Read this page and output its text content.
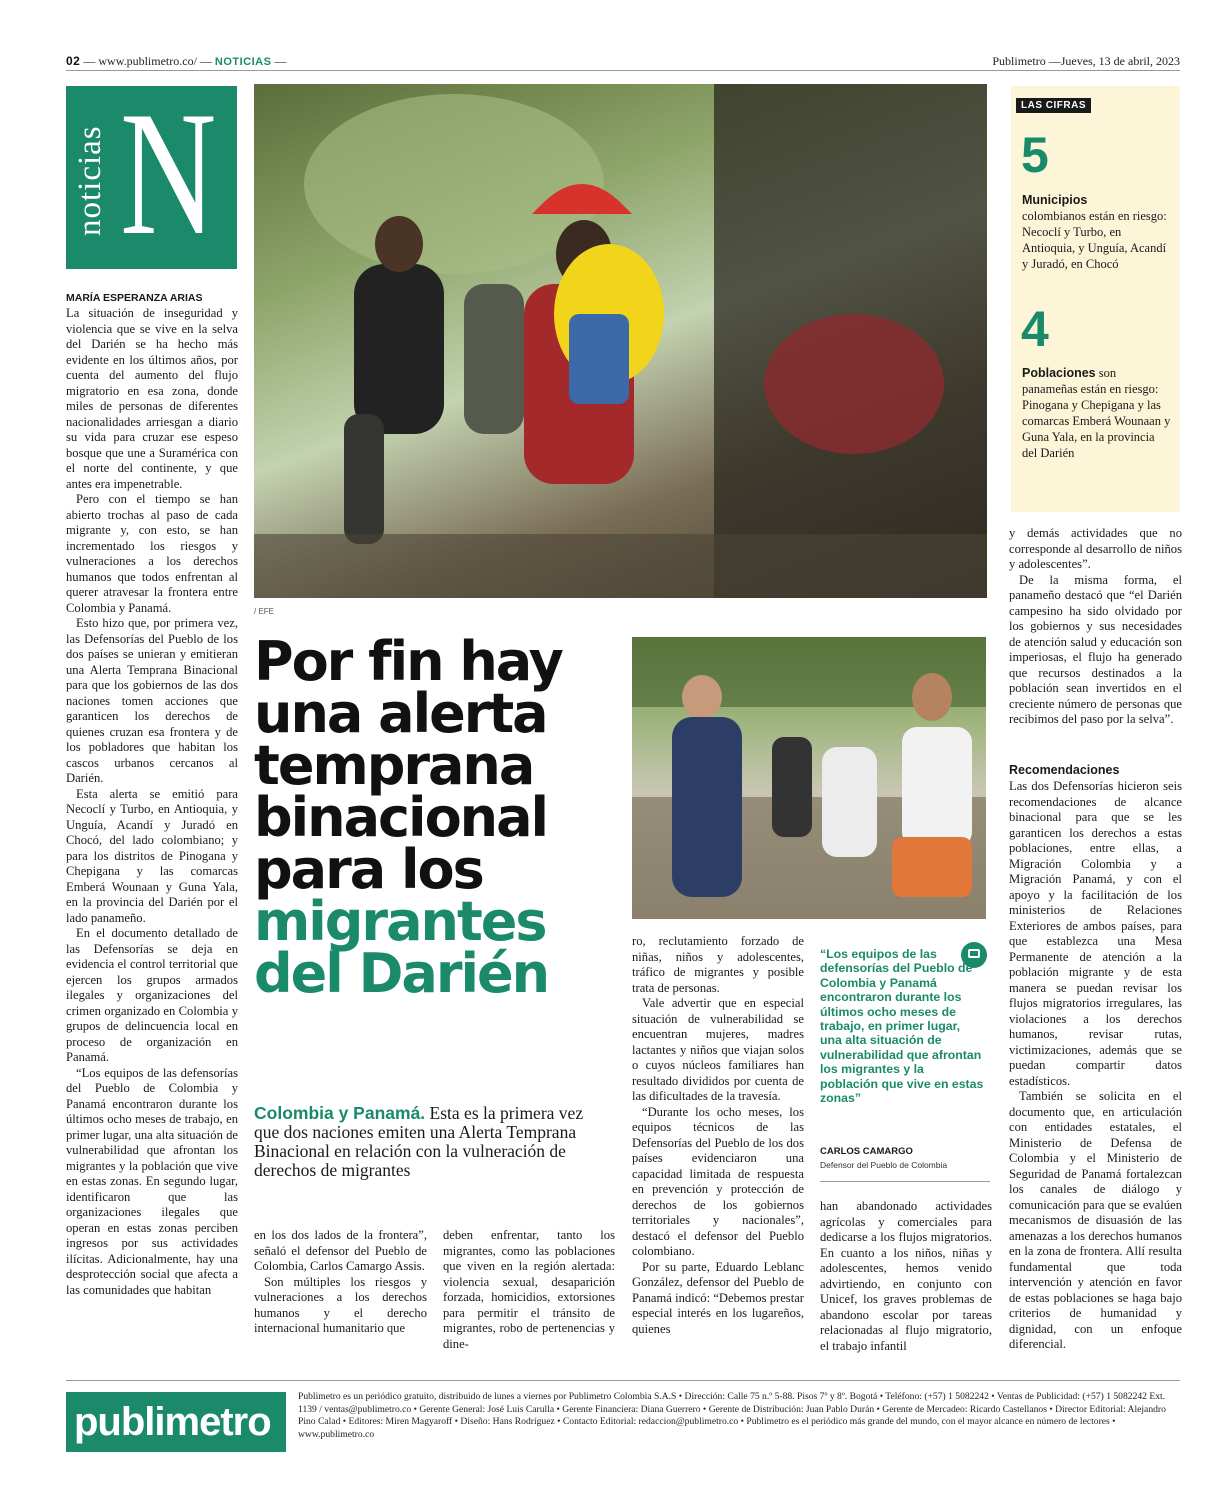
02 — www.publimetro.co/ — NOTICIAS —	Publimetro —Jueves, 13 de abril, 2023
noticias N
/ EFE
LAS CIFRAS
5
Municipios
colombianos están en riesgo: Necoclí y Turbo, en Antioquia, y Unguía, Acandí y Juradó, en Chocó
4
Poblaciones son panameñas están en riesgo: Pinogana y Chepigana y las comarcas Emberá Wounaan y Guna Yala, en la provincia del Darién
MARÍA ESPERANZA ARIAS

La situación de inseguridad y violencia que se vive en la selva del Darién se ha hecho más evidente en los últimos años, por cuenta del aumento del flujo migratorio en esa zona, donde miles de personas de diferentes nacionalidades arriesgan a diario su vida para cruzar ese espeso bosque que une a Suramérica con el norte del continente, y que antes era impenetrable.

Pero con el tiempo se han abierto trochas al paso de cada migrante y, con esto, se han incrementado los riesgos y vulneraciones a los derechos humanos que todos enfrentan al querer atravesar la frontera entre Colombia y Panamá.

Esto hizo que, por primera vez, las Defensorías del Pueblo de los dos países se unieran y emitieran una Alerta Temprana Binacional para que los gobiernos de las dos naciones tomen acciones que garanticen los derechos de quienes cruzan esa frontera y de los pobladores que habitan los cascos urbanos cercanos al Darién.

Esta alerta se emitió para Necoclí y Turbo, en Antioquia, y Unguía, Acandí y Juradó en Chocó, del lado colombiano; y para los distritos de Pinogana y Chepigana y las comarcas Emberá Wounaan y Guna Yala, en la provincia del Darién por el lado panameño.

En el documento detallado de las Defensorías se deja en evidencia el control territorial que ejercen los grupos armados ilegales y organizaciones del crimen organizado en Colombia y grupos de delincuencia local en proceso de organización en Panamá.

“Los equipos de las defensorías del Pueblo de Colombia y Panamá encontraron durante los últimos ocho meses de trabajo, en primer lugar, una alta situación de vulnerabilidad que afrontan los migrantes y la población que vive en estas zonas. En segundo lugar, identificaron que las organizaciones ilegales que operan en estas zonas perciben ingresos por sus actividades ilícitas. Adicionalmente, hay una desprotección social que afecta a las comunidades que habitan

Por fin hay una alerta temprana binacional para los
migrantes del Darién
Colombia y Panamá. Esta es la primera vez que dos naciones emiten una Alerta Temprana Binacional en relación con la vulneración de derechos de migrantes

en los dos lados de la frontera”, señaló el defensor del Pueblo de Colombia, Carlos Camargo Assis.

Son múltiples los riesgos y vulneraciones a los derechos humanos y el derecho internacional humanitario que

deben enfrentar, tanto los migrantes, como las poblaciones que viven en la región alertada: violencia sexual, desaparición forzada, homicidios, extorsiones para permitir el tránsito de migrantes, robo de pertenencias y dine-

ro, reclutamiento forzado de niñas, niños y adolescentes, tráfico de migrantes y posible trata de personas.

Vale advertir que en especial situación de vulnerabilidad se encuentran mujeres, madres lactantes y niños que viajan solos o cuyos núcleos familiares han resultado divididos por cuenta de las dificultades de la travesía.

“Durante los ocho meses, los equipos técnicos de las Defensorías del Pueblo de los dos países evidenciaron una capacidad limitada de respuesta en prevención y protección de derechos de los gobiernos territoriales y nacionales”, destacó el defensor del Pueblo colombiano.

Por su parte, Eduardo Leblanc González, defensor del Pueblo de Panamá indicó: “Debemos prestar especial interés en los lugareños, quienes

“Los equipos de las defensorías del Pueblo de Colombia y Panamá encontraron durante los últimos ocho meses de trabajo, en primer lugar, una alta situación de vulnerabilidad que afrontan los migrantes y la población que vive en estas zonas”
CARLOS CAMARGO
Defensor del Pueblo de Colombia

han abandonado actividades agrícolas y comerciales para dedicarse a los flujos migratorios. En cuanto a los niños, niñas y adolescentes, hemos venido advirtiendo, en conjunto con Unicef, los graves problemas de abandono escolar por tareas relacionadas al flujo migratorio, el trabajo infantil

y demás actividades que no corresponde al desarrollo de niños y adolescentes”.

De la misma forma, el panameño destacó que “el Darién campesino ha sido olvidado por los gobiernos y sus necesidades de atención salud y educación son imperiosas, el flujo ha generado que recursos destinados a la población sean invertidos en el creciente número de personas que recibimos del paso por la selva”.

Recomendaciones

Las dos Defensorías hicieron seis recomendaciones de alcance binacional para que se les garanticen los derechos a estas poblaciones, entre ellas, a Migración Colombia y a Migración Panamá, y con el apoyo y la facilitación de los ministerios de Relaciones Exteriores de ambos países, para que establezca una Mesa Permanente de atención a la población migrante y de esta manera se puedan revisar los flujos migratorios irregulares, las violaciones a los derechos humanos, revisar rutas, victimizaciones, además que se puedan compartir datos estadísticos.

También se solicita en el documento que, en articulación con entidades estatales, el Ministerio de Defensa de Colombia y el Ministerio de Seguridad de Panamá fortalezcan los canales de diálogo y comunicación para que se evalúen mecanismos de disuasión de las amenazas a los derechos humanos en la zona de frontera. Allí resulta fundamental que toda intervención y atención en favor de estas poblaciones se haga bajo criterios de humanidad y dignidad, con un enfoque diferencial.

publimetro
Publimetro es un periódico gratuito, distribuido de lunes a viernes por Publimetro Colombia S.A.S • Dirección: Calle 75 n.º 5-88. Pisos 7º y 8º. Bogotá • Teléfono: (+57) 1 5082242 • Ventas de Publicidad: (+57) 1 5082242 Ext. 1139 / ventas@publimetro.co • Gerente General: José Luis Carulla • Gerente Financiera: Diana Guerrero • Gerente de Distribución: Juan Pablo Durán • Gerente de Mercadeo: Ricardo Castellanos • Director Editorial: Alejandro Pino Calad • Editores: Miren Magyaroff • Diseño: Hans Rodríguez • Contacto Editorial: redaccion@publimetro.co • Publimetro es el periódico más grande del mundo, con el mayor alcance en número de lectores • www.publimetro.co
